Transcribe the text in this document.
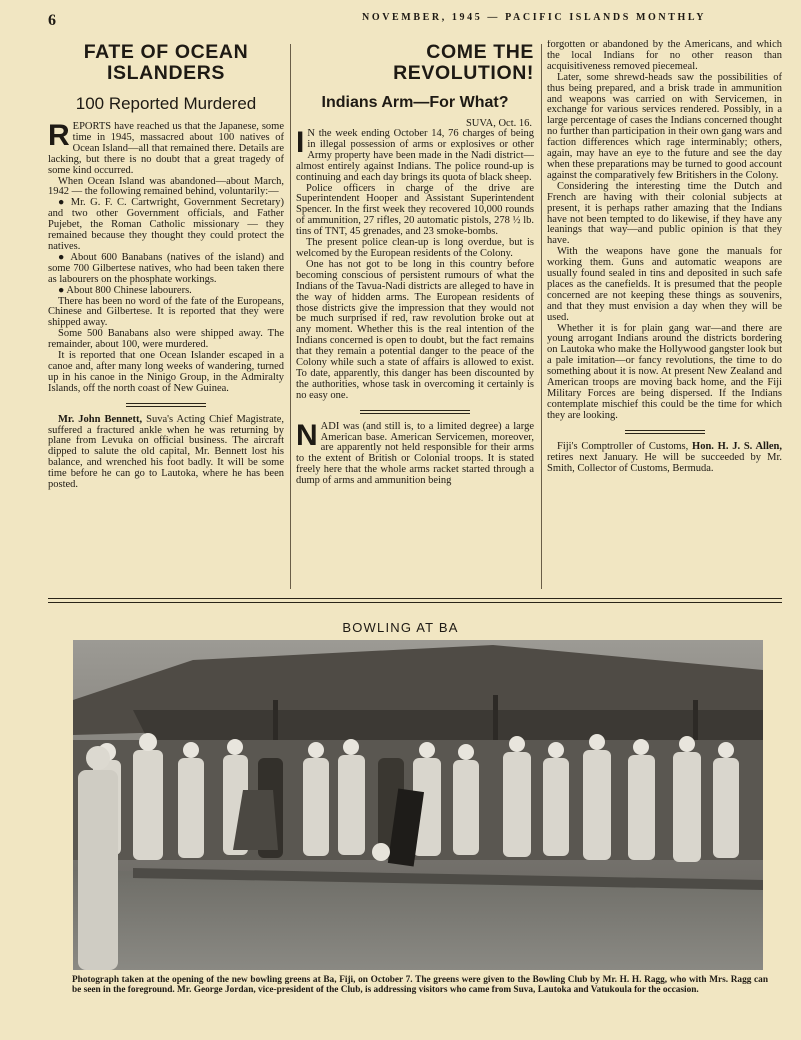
6	NOVEMBER, 1945 — PACIFIC ISLANDS MONTHLY
FATE OF OCEAN ISLANDERS
100 Reported Murdered

REPORTS have reached us that the Japanese, some time in 1945, massacred about 100 natives of Ocean Island—all that remained there. Details are lacking, but there is no doubt that a great tragedy of some kind occurred.

When Ocean Island was abandoned—about March, 1942 — the following remained behind, voluntarily:—

● Mr. G. F. C. Cartwright, Government Secretary) and two other Government officials, and Father Pujebet, the Roman Catholic missionary — they remained because they thought they could protect the natives.

● About 600 Banabans (natives of the island) and some 700 Gilbertese natives, who had been taken there as labourers on the phosphate workings.

● About 800 Chinese labourers.

There has been no word of the fate of the Europeans, Chinese and Gilbertese. It is reported that they were shipped away.

Some 500 Banabans also were shipped away. The remainder, about 100, were murdered.

It is reported that one Ocean Islander escaped in a canoe and, after many long weeks of wandering, turned up in his canoe in the Ninigo Group, in the Admiralty Islands, off the north coast of New Guinea.

Mr. John Bennett, Suva's Acting Chief Magistrate, suffered a fractured ankle when he was returning by plane from Levuka on official business. The aircraft dipped to salute the old capital, Mr. Bennett lost his balance, and wrenched his foot badly. It will be some time before he can go to Lautoka, where he has been posted.

COME THE REVOLUTION!
Indians Arm—For What?
SUVA, Oct. 16.

I N the week ending October 14, 76 charges of being in illegal possession of arms or explosives or other Army property have been made in the Nadi district—almost entirely against Indians. The police round-up is continuing and each day brings its quota of black sheep.

Police officers in charge of the drive are Superintendent Hooper and Assistant Superintendent Spencer. In the first week they recovered 10,000 rounds of ammunition, 27 rifles, 20 automatic pistols, 278 ½ lb. tins of TNT, 45 grenades, and 23 smoke-bombs.

The present police clean-up is long overdue, but is welcomed by the European residents of the Colony.

One has not got to be long in this country before becoming conscious of persistent rumours of what the Indians of the Tavua-Nadi districts are alleged to have in the way of hidden arms. The European residents of those districts give the impression that they would not be much surprised if red, raw revolution broke out at any moment. Whether this is the real intention of the Indians concerned is open to doubt, but the fact remains that they remain a potential danger to the peace of the Colony while such a state of affairs is allowed to exist. To date, apparently, this danger has been discounted by the authorities, whose task in overcoming it certainly is no easy one.

NADI was (and still is, to a limited degree) a large American base. American Servicemen, moreover, are apparently not held responsible for their arms to the extent of British or Colonial troops. It is stated freely here that the whole arms racket started through a dump of arms and ammunition being

forgotten or abandoned by the Americans, and which the local Indians for no other reason than acquisitiveness removed piecemeal.

Later, some shrewd-heads saw the possibilities of thus being prepared, and a brisk trade in ammunition and weapons was carried on with Servicemen, in exchange for various services rendered. Possibly, in a large percentage of cases the Indians concerned thought no further than participation in their own gang wars and faction differences which rage interminably; others, again, may have an eye to the future and see the day when these preparations may be turned to good account against the comparatively few Britishers in the Colony.

Considering the interesting time the Dutch and French are having with their colonial subjects at present, it is perhaps rather amazing that the Indians have not been tempted to do likewise, if they have any leanings that way—and public opinion is that they have.

With the weapons have gone the manuals for working them. Guns and automatic weapons are usually found sealed in tins and deposited in such safe places as the canefields. It is presumed that the people concerned are not keeping these things as souvenirs, and that they must envision a day when they will be used.

Whether it is for plain gang war—and there are young arrogant Indians around the districts bordering on Lautoka who make the Hollywood gangster look but a pale imitation—or fancy revolutions, the time to do something about it is now. At present New Zealand and American troops are moving back home, and the Fiji Military Forces are being dispersed. If the Indians contemplate mischief this could be the time for which they are looking.

Fiji's Comptroller of Customs, Hon. H. J. S. Allen, retires next January. He will be succeeded by Mr. Smith, Collector of Customs, Bermuda.

BOWLING AT BA
Photograph taken at the opening of the new bowling greens at Ba, Fiji, on October 7. The greens were given to the Bowling Club by Mr. H. H. Ragg, who with Mrs. Ragg can be seen in the foreground. Mr. George Jordan, vice-president of the Club, is addressing visitors who came from Suva, Lautoka and Vatukoula for the occasion.
